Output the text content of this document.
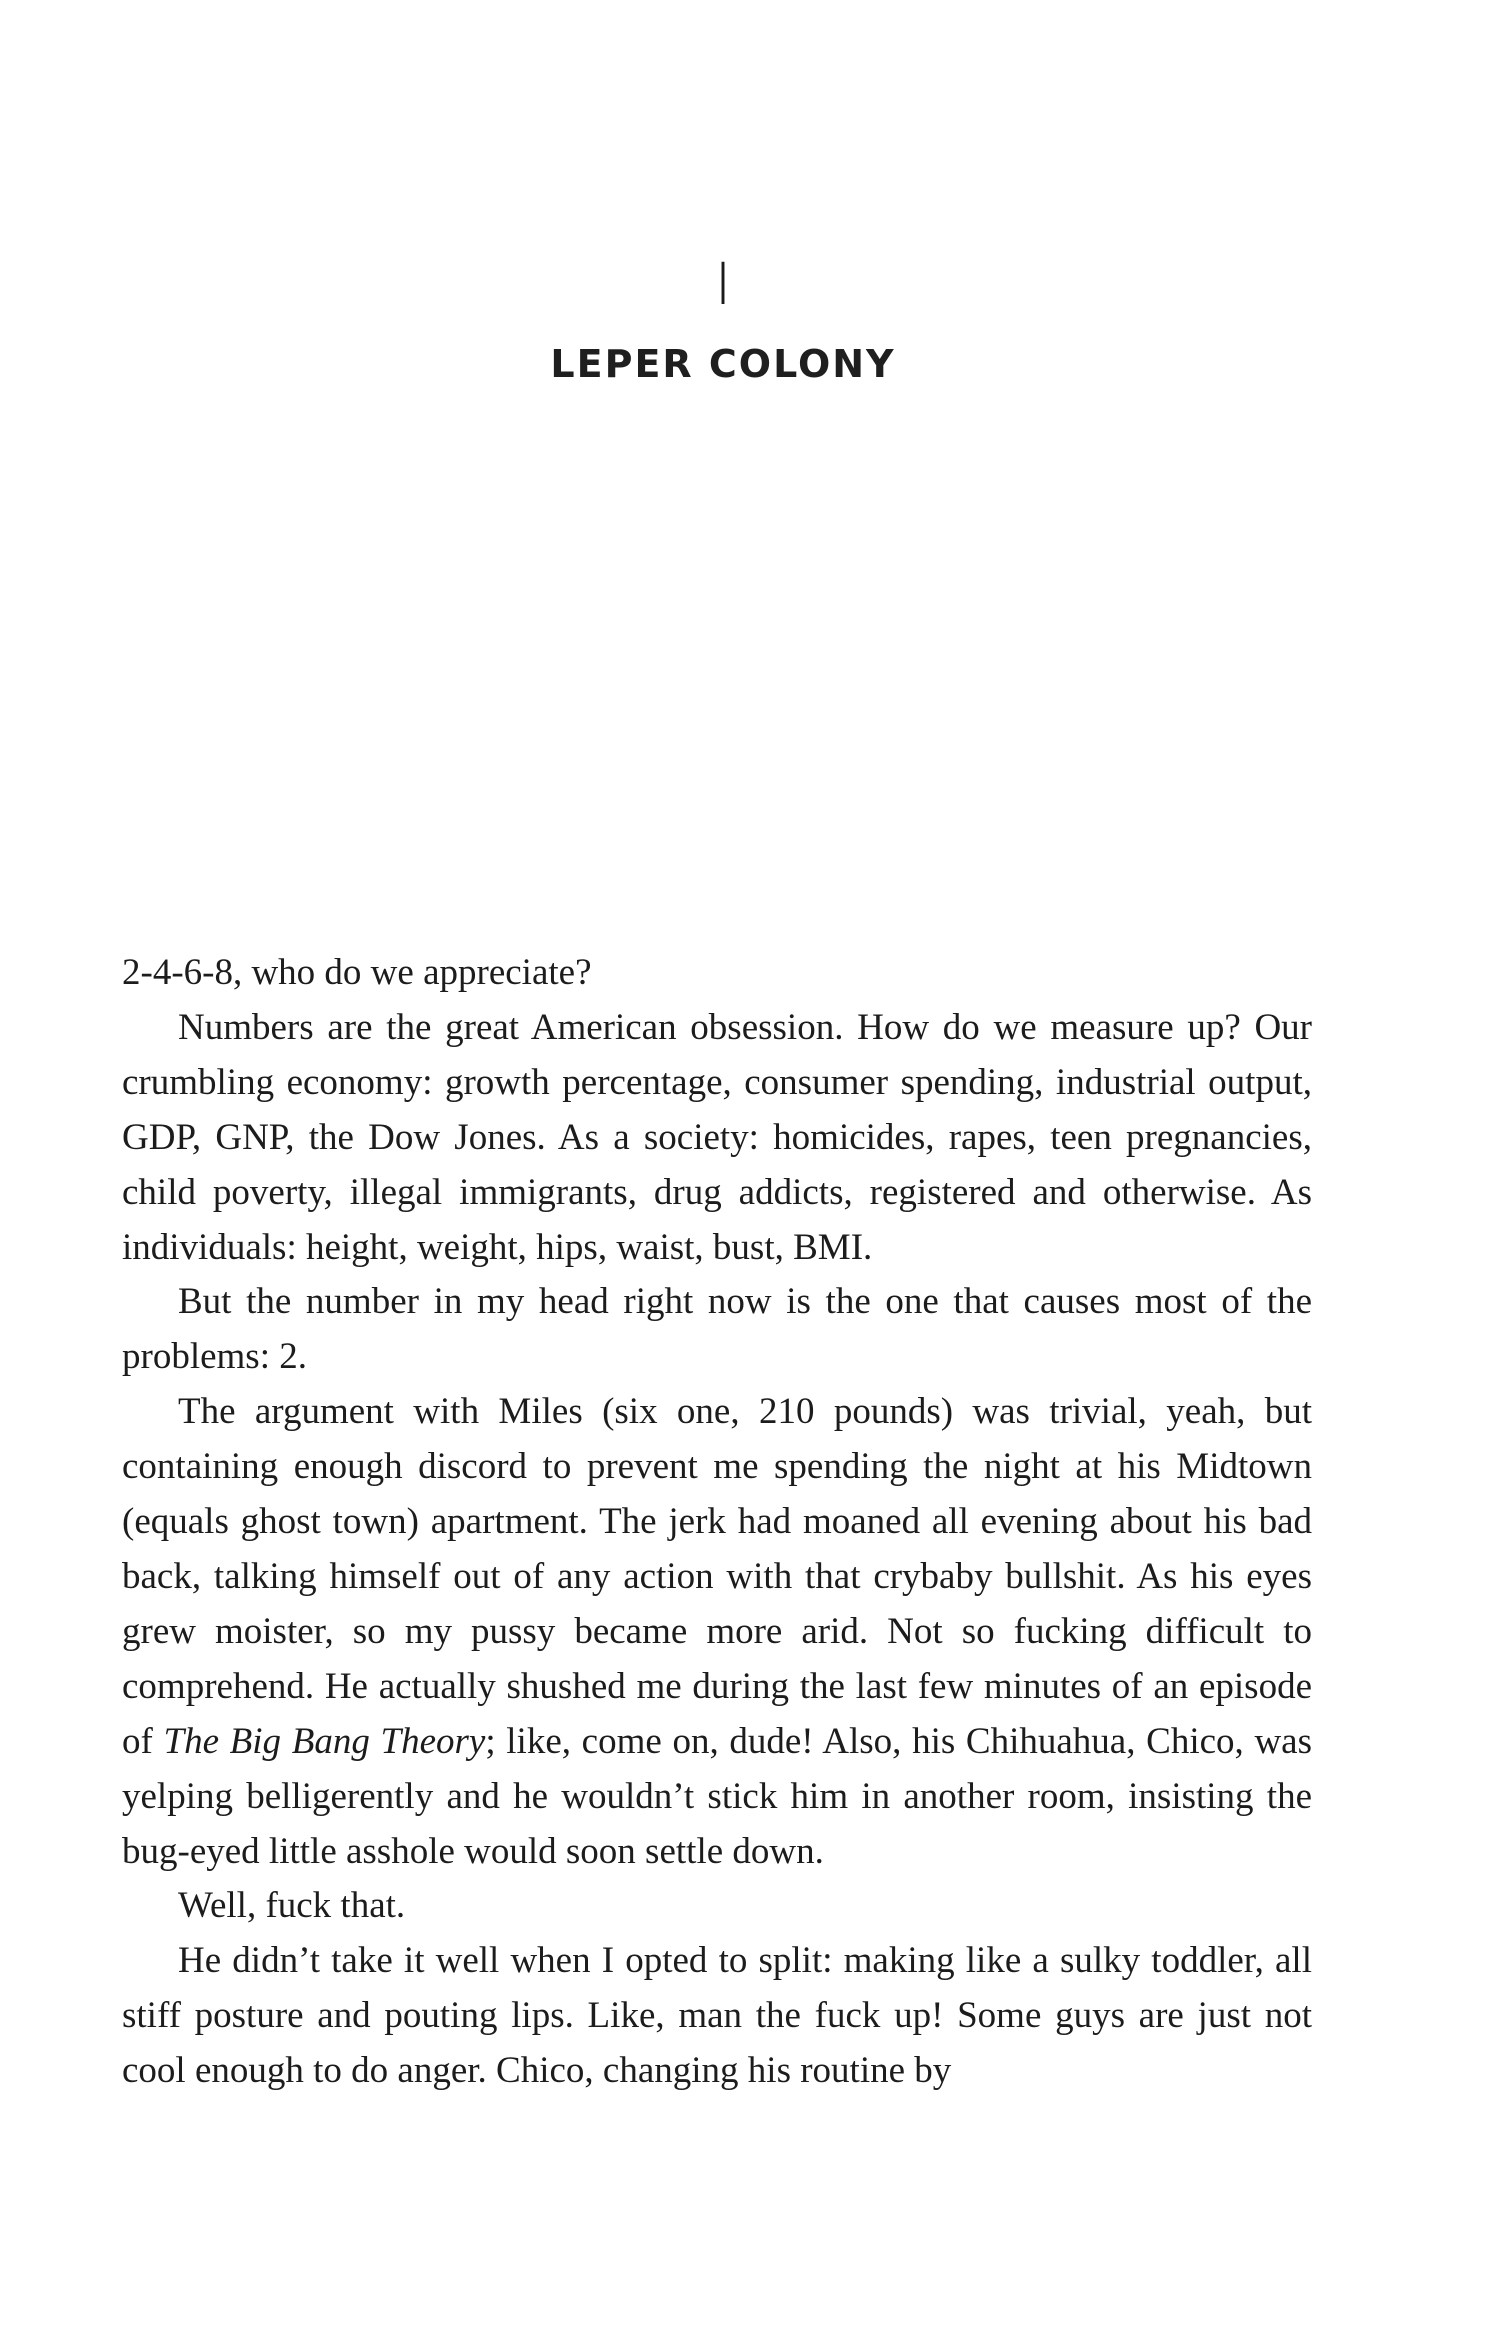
I
LEPER COLONY

2-4-6-8, who do we appreciate?

Numbers are the great American obsession. How do we measure up? Our crumbling economy: growth percentage, consumer spending, industrial output, GDP, GNP, the Dow Jones. As a society: homicides, rapes, teen pregnancies, child poverty, illegal immigrants, drug addicts, registered and otherwise. As individuals: height, weight, hips, waist, bust, BMI.

But the number in my head right now is the one that causes most of the problems: 2.

The argument with Miles (six one, 210 pounds) was trivial, yeah, but containing enough discord to prevent me spending the night at his Midtown (equals ghost town) apartment. The jerk had moaned all evening about his bad back, talking himself out of any action with that crybaby bullshit. As his eyes grew moister, so my pussy became more arid. Not so fucking difficult to comprehend. He actually shushed me during the last few minutes of an episode of The Big Bang Theory; like, come on, dude! Also, his Chihuahua, Chico, was yelping belligerently and he wouldn’t stick him in another room, insisting the bug-eyed little asshole would soon settle down.

Well, fuck that.

He didn’t take it well when I opted to split: making like a sulky toddler, all stiff posture and pouting lips. Like, man the fuck up! Some guys are just not cool enough to do anger. Chico, changing his routine by
